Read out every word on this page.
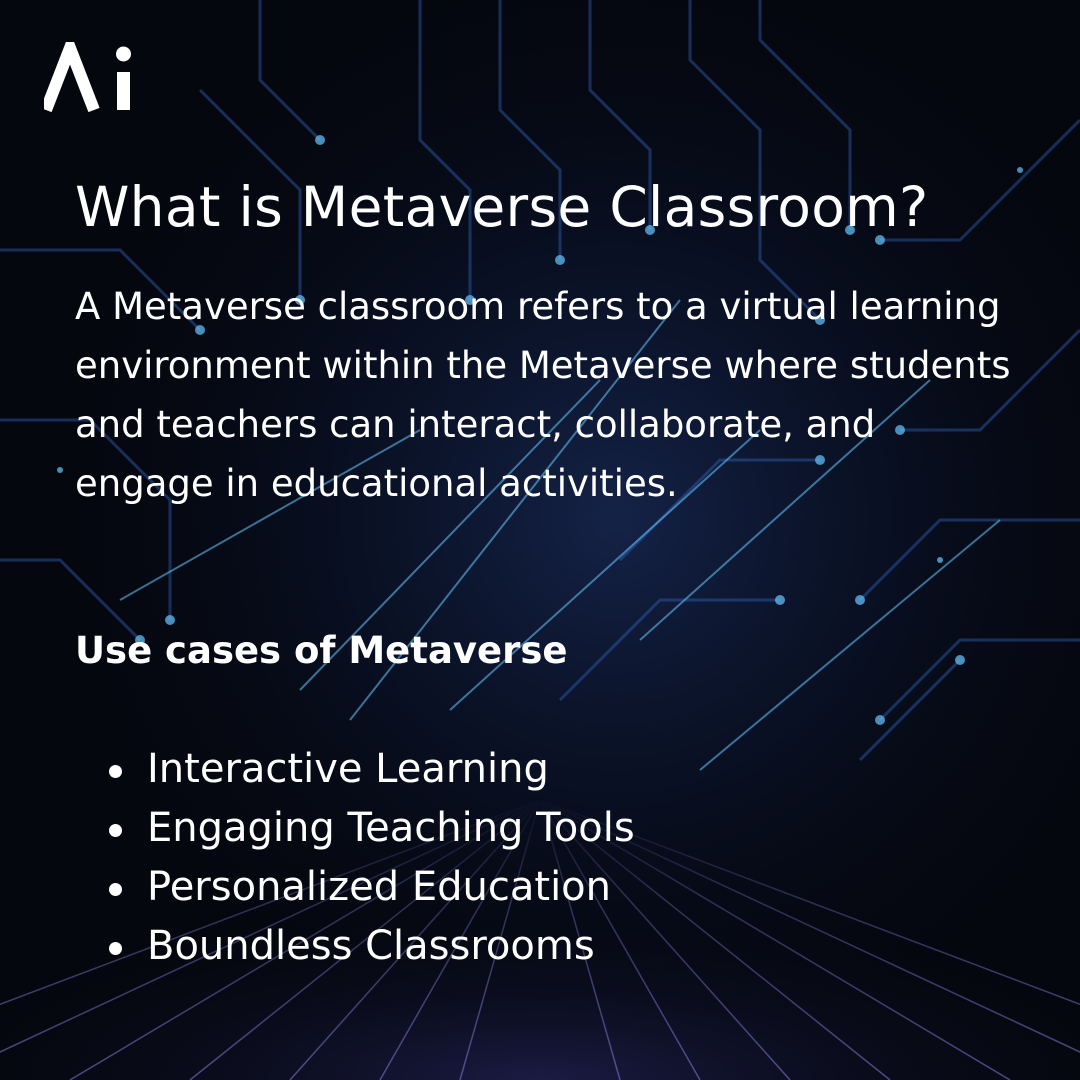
What is Metaverse Classroom?

A Metaverse classroom refers to a virtual learning environment within the Metaverse where students and teachers can interact, collaborate, and engage in educational activities.

Use cases of Metaverse
Interactive Learning
Engaging Teaching Tools
Personalized Education
Boundless Classrooms
